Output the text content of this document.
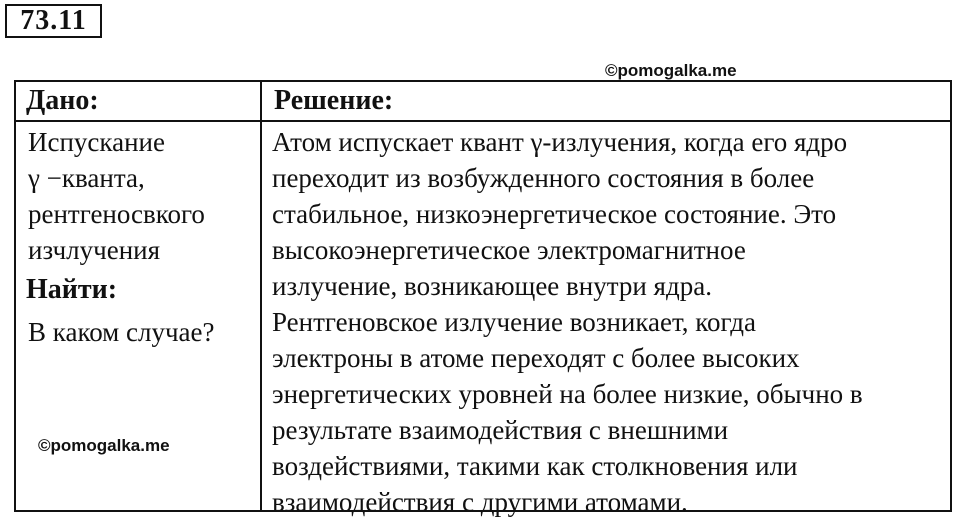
73.11
©pomogalka.me
Дано:	Решение:
Испускание
γ −кванта,
рентгеносвкого
изчлучения
Найти:
В каком случае?
Атом испускает квант γ-излучения, когда его ядро
переходит из возбужденного состояния в более
стабильное, низкоэнергетическое состояние. Это
высокоэнергетическое электромагнитное
излучение, возникающее внутри ядра.
Рентгеновское излучение возникает, когда
электроны в атоме переходят с более высоких
энергетических уровней на более низкие, обычно в
результате взаимодействия с внешними
воздействиями, такими как столкновения или
взаимодействия с другими атомами.
©pomogalka.me
